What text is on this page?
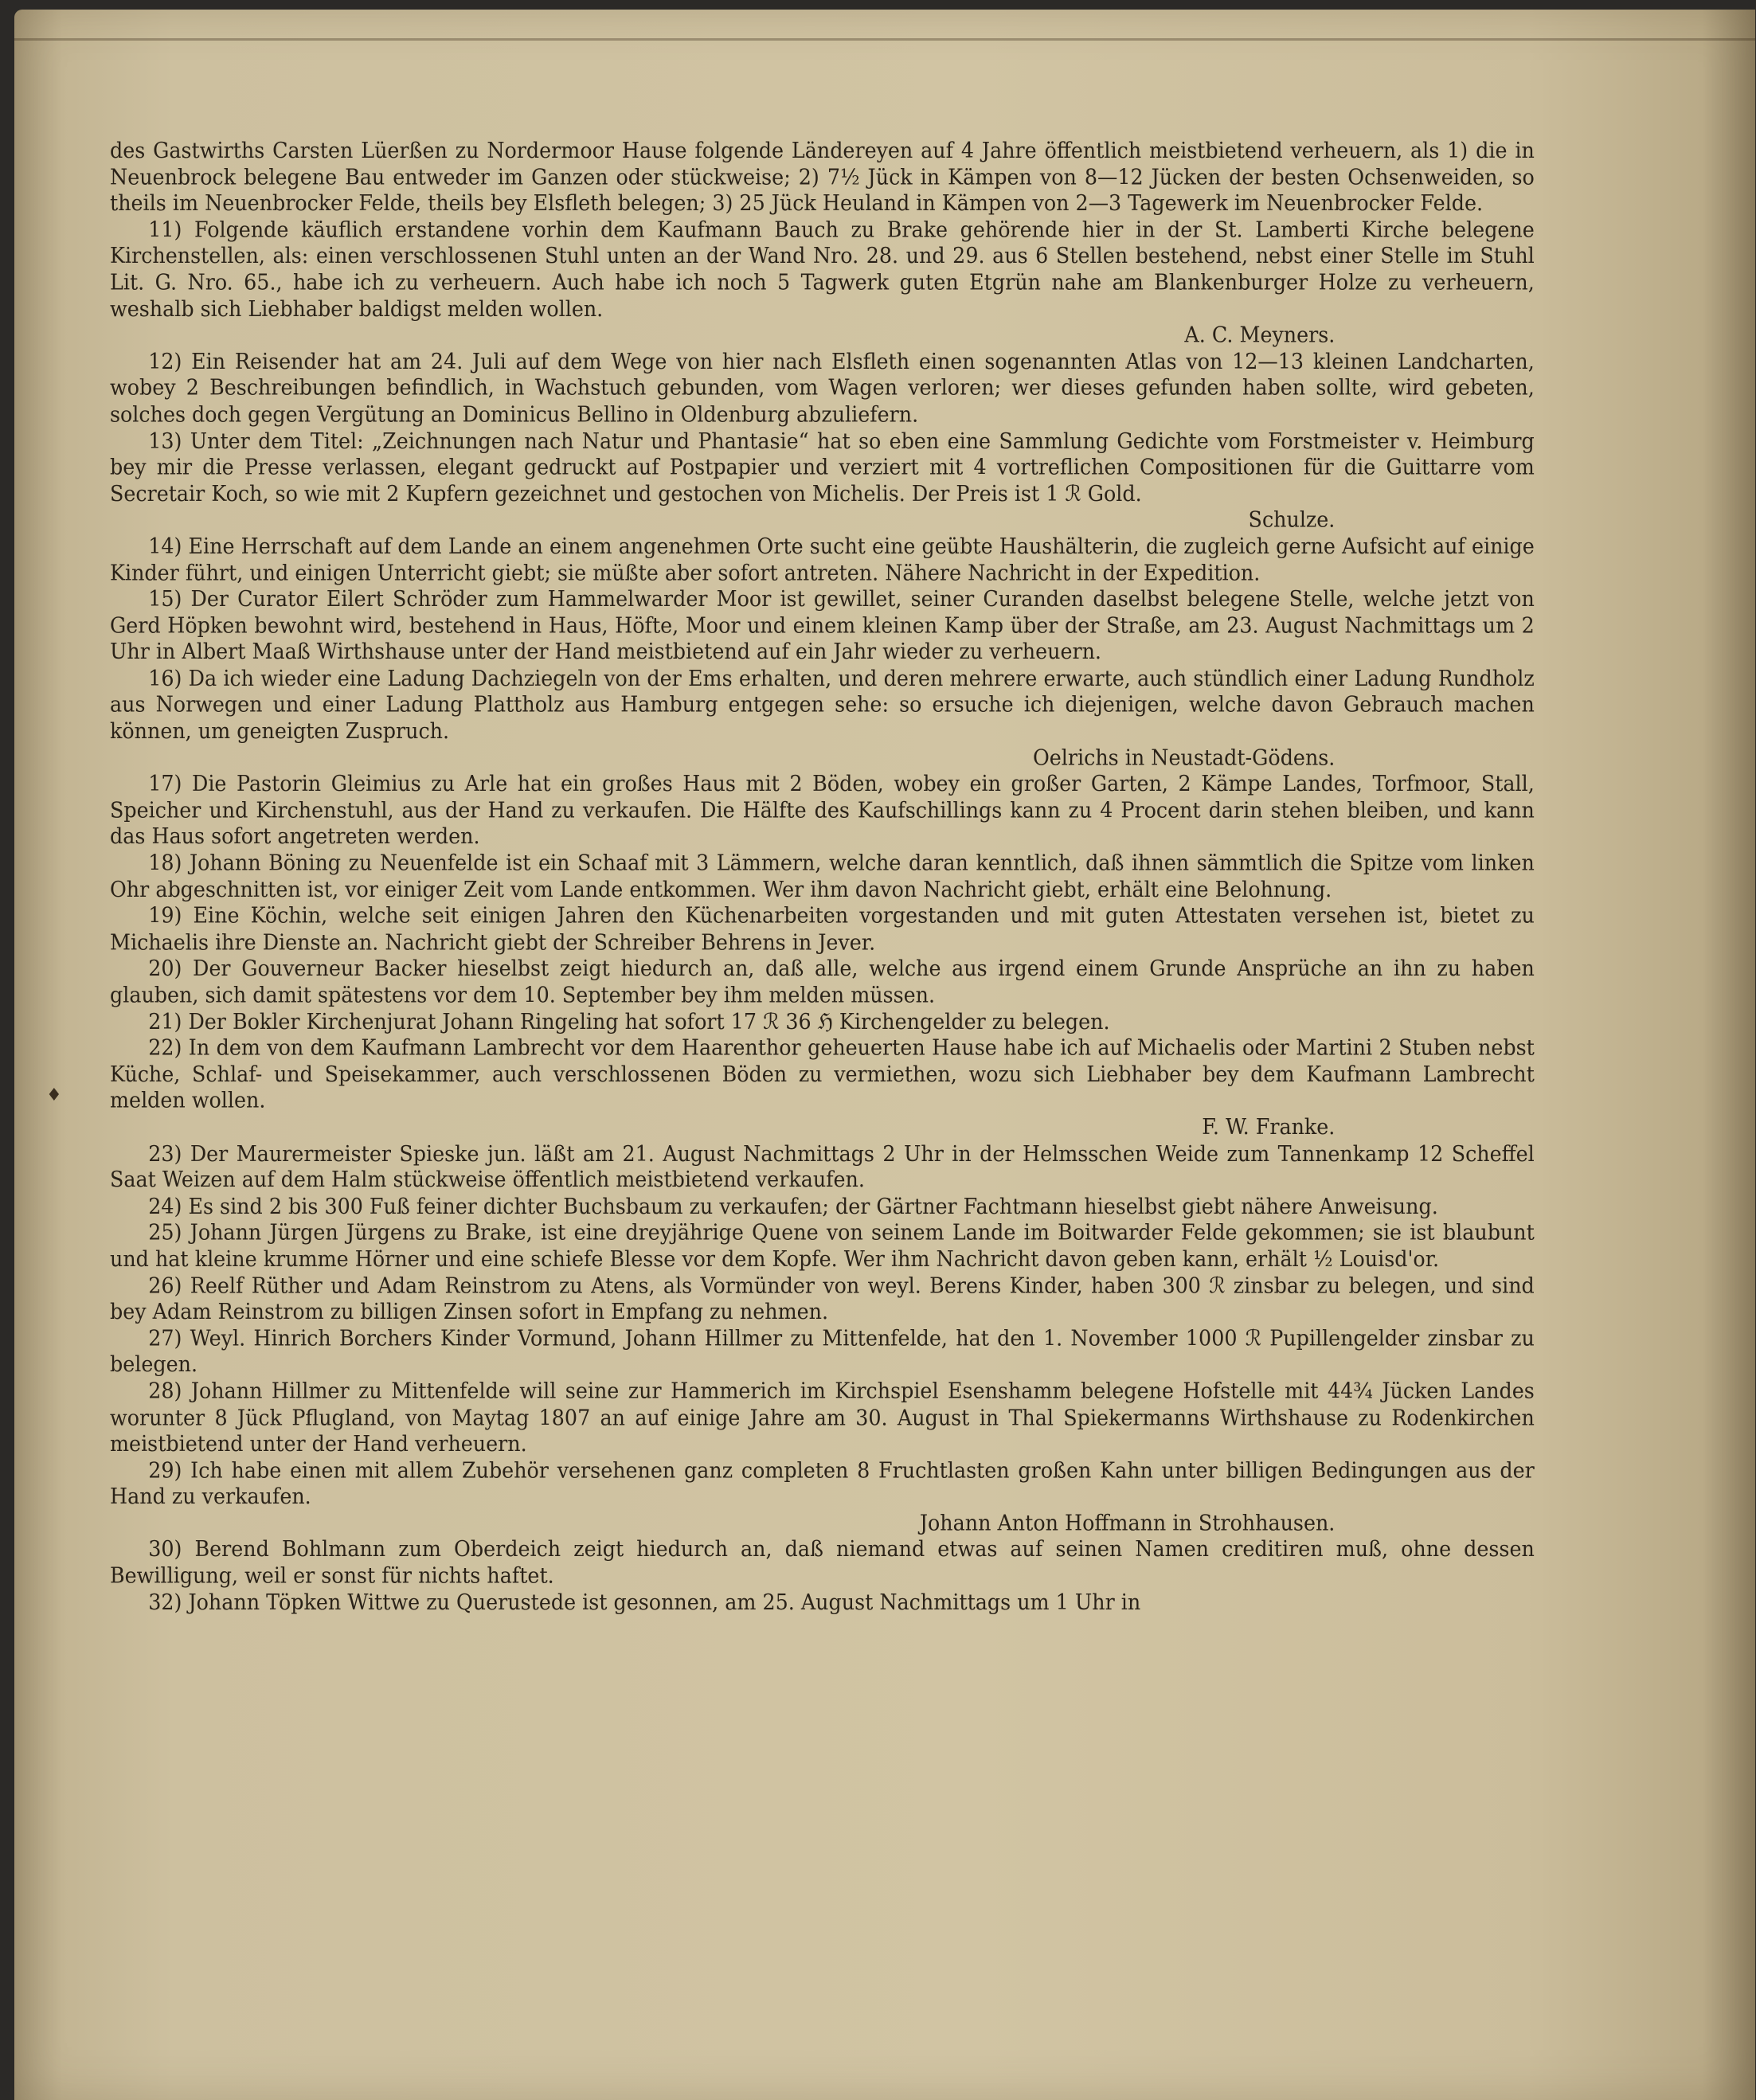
♦

des Gastwirths Carsten Lüerßen zu Nordermoor Hause folgende Ländereyen auf 4 Jahre öffentlich meistbietend verheuern, als 1) die in Neuenbrock belegene Bau entweder im Ganzen oder stückweise; 2) 7½ Jück in Kämpen von 8—12 Jücken der besten Ochsenweiden, so theils im Neuenbrocker Felde, theils bey Elsfleth belegen; 3) 25 Jück Heuland in Kämpen von 2—3 Tagewerk im Neuenbrocker Felde.

11) Folgende käuflich erstandene vorhin dem Kaufmann Bauch zu Brake gehörende hier in der St. Lamberti Kirche belegene Kirchenstellen, als: einen verschlossenen Stuhl unten an der Wand Nro. 28. und 29. aus 6 Stellen bestehend, nebst einer Stelle im Stuhl Lit. G. Nro. 65., habe ich zu verheuern. Auch habe ich noch 5 Tagwerk guten Etgrün nahe am Blankenburger Holze zu verheuern, weshalb sich Liebhaber baldigst melden wollen.
A. C. Meyners.

12) Ein Reisender hat am 24. Juli auf dem Wege von hier nach Elsfleth einen sogenannten Atlas von 12—13 kleinen Landcharten, wobey 2 Beschreibungen befindlich, in Wachstuch gebunden, vom Wagen verloren; wer dieses gefunden haben sollte, wird gebeten, solches doch gegen Vergütung an Dominicus Bellino in Oldenburg abzuliefern.

13) Unter dem Titel: „Zeichnungen nach Natur und Phantasie“ hat so eben eine Sammlung Gedichte vom Forstmeister v. Heimburg bey mir die Presse verlassen, elegant gedruckt auf Postpapier und verziert mit 4 vortreflichen Compositionen für die Guittarre vom Secretair Koch, so wie mit 2 Kupfern gezeichnet und gestochen von Michelis. Der Preis ist 1 ℛ Gold.
Schulze.

14) Eine Herrschaft auf dem Lande an einem angenehmen Orte sucht eine geübte Haushälterin, die zugleich gerne Aufsicht auf einige Kinder führt, und einigen Unterricht giebt; sie müßte aber sofort antreten. Nähere Nachricht in der Expedition.

15) Der Curator Eilert Schröder zum Hammelwarder Moor ist gewillet, seiner Curanden daselbst belegene Stelle, welche jetzt von Gerd Höpken bewohnt wird, bestehend in Haus, Höfte, Moor und einem kleinen Kamp über der Straße, am 23. August Nachmittags um 2 Uhr in Albert Maaß Wirthshause unter der Hand meistbietend auf ein Jahr wieder zu verheuern.

16) Da ich wieder eine Ladung Dachziegeln von der Ems erhalten, und deren mehrere erwarte, auch stündlich einer Ladung Rundholz aus Norwegen und einer Ladung Plattholz aus Hamburg entgegen sehe: so ersuche ich diejenigen, welche davon Gebrauch machen können, um geneigten Zuspruch.
Oelrichs in Neustadt-Gödens.

17) Die Pastorin Gleimius zu Arle hat ein großes Haus mit 2 Böden, wobey ein großer Garten, 2 Kämpe Landes, Torfmoor, Stall, Speicher und Kirchenstuhl, aus der Hand zu verkaufen. Die Hälfte des Kaufschillings kann zu 4 Procent darin stehen bleiben, und kann das Haus sofort angetreten werden.

18) Johann Böning zu Neuenfelde ist ein Schaaf mit 3 Lämmern, welche daran kenntlich, daß ihnen sämmtlich die Spitze vom linken Ohr abgeschnitten ist, vor einiger Zeit vom Lande entkommen. Wer ihm davon Nachricht giebt, erhält eine Belohnung.

19) Eine Köchin, welche seit einigen Jahren den Küchenarbeiten vorgestanden und mit guten Attestaten versehen ist, bietet zu Michaelis ihre Dienste an. Nachricht giebt der Schreiber Behrens in Jever.

20) Der Gouverneur Backer hieselbst zeigt hiedurch an, daß alle, welche aus irgend einem Grunde Ansprüche an ihn zu haben glauben, sich damit spätestens vor dem 10. September bey ihm melden müssen.

21) Der Bokler Kirchenjurat Johann Ringeling hat sofort 17 ℛ 36 ℌ Kirchengelder zu belegen.

22) In dem von dem Kaufmann Lambrecht vor dem Haarenthor geheuerten Hause habe ich auf Michaelis oder Martini 2 Stuben nebst Küche, Schlaf- und Speisekammer, auch verschlossenen Böden zu vermiethen, wozu sich Liebhaber bey dem Kaufmann Lambrecht melden wollen.
F. W. Franke.

23) Der Maurermeister Spieske jun. läßt am 21. August Nachmittags 2 Uhr in der Helmsschen Weide zum Tannenkamp 12 Scheffel Saat Weizen auf dem Halm stückweise öffentlich meistbietend verkaufen.

24) Es sind 2 bis 300 Fuß feiner dichter Buchsbaum zu verkaufen; der Gärtner Fachtmann hieselbst giebt nähere Anweisung.

25) Johann Jürgen Jürgens zu Brake, ist eine dreyjährige Quene von seinem Lande im Boitwarder Felde gekommen; sie ist blaubunt und hat kleine krumme Hörner und eine schiefe Blesse vor dem Kopfe. Wer ihm Nachricht davon geben kann, erhält ½ Louisd'or.

26) Reelf Rüther und Adam Reinstrom zu Atens, als Vormünder von weyl. Berens Kinder, haben 300 ℛ zinsbar zu belegen, und sind bey Adam Reinstrom zu billigen Zinsen sofort in Empfang zu nehmen.

27) Weyl. Hinrich Borchers Kinder Vormund, Johann Hillmer zu Mittenfelde, hat den 1. November 1000 ℛ Pupillengelder zinsbar zu belegen.

28) Johann Hillmer zu Mittenfelde will seine zur Hammerich im Kirchspiel Esenshamm belegene Hofstelle mit 44¾ Jücken Landes worunter 8 Jück Pflugland, von Maytag 1807 an auf einige Jahre am 30. August in Thal Spiekermanns Wirthshause zu Rodenkirchen meistbietend unter der Hand verheuern.

29) Ich habe einen mit allem Zubehör versehenen ganz completen 8 Fruchtlasten großen Kahn unter billigen Bedingungen aus der Hand zu verkaufen.
Johann Anton Hoffmann in Strohhausen.

30) Berend Bohlmann zum Oberdeich zeigt hiedurch an, daß niemand etwas auf seinen Namen creditiren muß, ohne dessen Bewilligung, weil er sonst für nichts haftet.

32) Johann Töpken Wittwe zu Querustede ist gesonnen, am 25. August Nachmittags um 1 Uhr in
